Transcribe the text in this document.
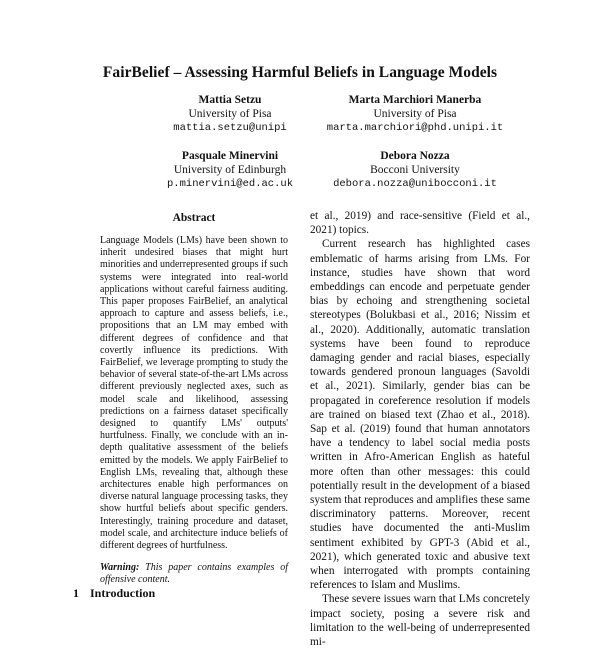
FairBelief – Assessing Harmful Beliefs in Language Models
Mattia Setzu
University of Pisa
mattia.setzu@unipi
Marta Marchiori Manerba
University of Pisa
marta.marchiori@phd.unipi.it
Pasquale Minervini
University of Edinburgh
p.minervini@ed.ac.uk
Debora Nozza
Bocconi University
debora.nozza@unibocconi.it
Abstract
Language Models (LMs) have been shown to inherit undesired biases that might hurt minorities and underrepresented groups if such systems were integrated into real-world applications without careful fairness auditing. This paper proposes FairBelief, an analytical approach to capture and assess beliefs, i.e., propositions that an LM may embed with different degrees of confidence and that covertly influence its predictions. With FairBelief, we leverage prompting to study the behavior of several state-of-the-art LMs across different previously neglected axes, such as model scale and likelihood, assessing predictions on a fairness dataset specifically designed to quantify LMs' outputs' hurtfulness. Finally, we conclude with an in-depth qualitative assessment of the beliefs emitted by the models. We apply FairBelief to English LMs, revealing that, although these architectures enable high performances on diverse natural language processing tasks, they show hurtful beliefs about specific genders. Interestingly, training procedure and dataset, model scale, and architecture induce beliefs of different degrees of hurtfulness.
Warning: This paper contains examples of offensive content.
1 Introduction

et al., 2019) and race-sensitive (Field et al., 2021) topics.

Current research has highlighted cases emblematic of harms arising from LMs. For instance, studies have shown that word embeddings can encode and perpetuate gender bias by echoing and strengthening societal stereotypes (Bolukbasi et al., 2016; Nissim et al., 2020). Additionally, automatic translation systems have been found to reproduce damaging gender and racial biases, especially towards gendered pronoun languages (Savoldi et al., 2021). Similarly, gender bias can be propagated in coreference resolution if models are trained on biased text (Zhao et al., 2018). Sap et al. (2019) found that human annotators have a tendency to label social media posts written in Afro-American English as hateful more often than other messages: this could potentially result in the development of a biased system that reproduces and amplifies these same discriminatory patterns. Moreover, recent studies have documented the anti-Muslim sentiment exhibited by GPT-3 (Abid et al., 2021), which generated toxic and abusive text when interrogated with prompts containing references to Islam and Muslims.

These severe issues warn that LMs concretely impact society, posing a severe risk and limitation to the well-being of underrepresented mi-
